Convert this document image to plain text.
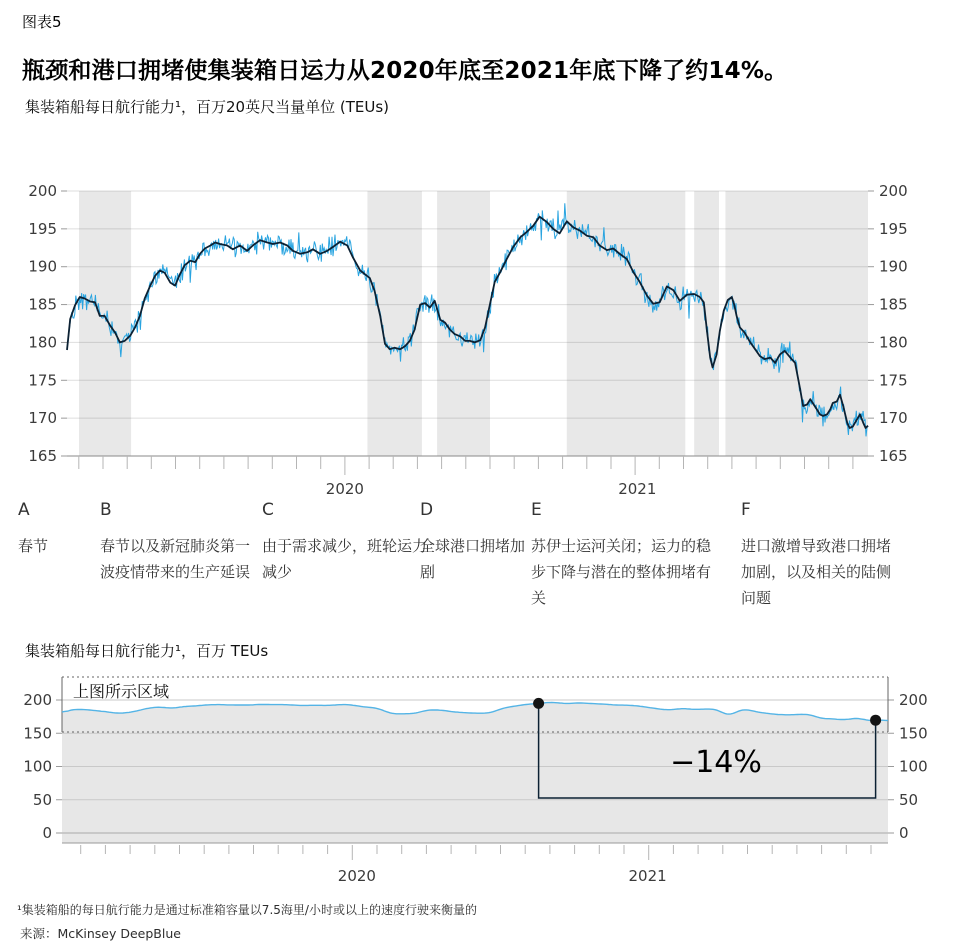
图表5
瓶颈和港口拥堵使集装箱日运力从2020年底至2021年底下降了约14%。
集装箱船每日航行能力¹，百万20英尺当量单位 (TEUs)
200	200
195	195
190	190
185	185
180	180
175	175
170	170
165	165
2020	2021
A
春节
B
春节以及新冠肺炎第一波疫情带来的生产延误
C
由于需求减少，班轮运力减少
D
全球港口拥堵加剧
E
苏伊士运河关闭；运力的稳步下降与潜在的整体拥堵有关
F
进口激增导致港口拥堵加剧，以及相关的陆侧问题
集装箱船每日航行能力¹，百万 TEUs
200	200
150	150
100	100
50	50
0	0
2020	2021
上图所示区域
−14%
¹集装箱船的每日航行能力是通过标准箱容量以7.5海里/小时或以上的速度行驶来衡量的
来源：McKinsey DeepBlue
